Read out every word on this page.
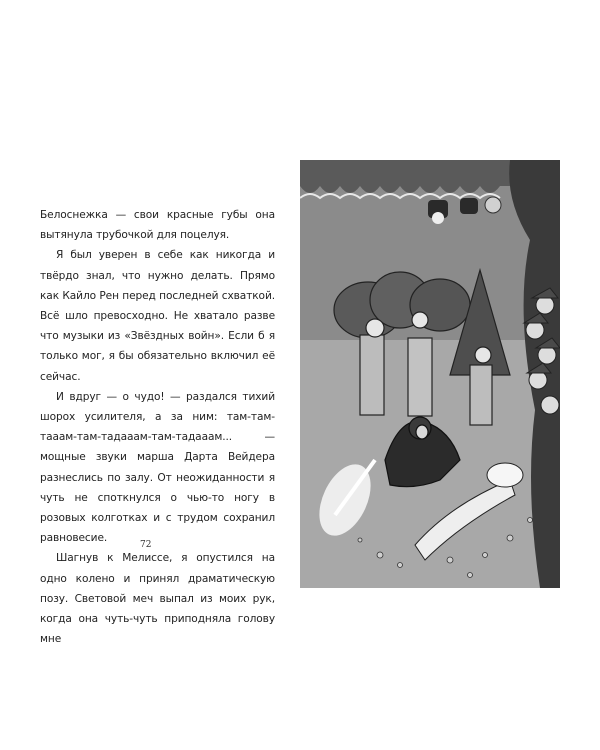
Белоснежка — свои красные губы она вытянула трубочкой для поцелуя.

Я был уверен в себе как никогда и твёрдо знал, что нужно делать. Прямо как Кайло Рен перед последней схваткой. Всё шло превосходно. Не хватало разве что музыки из «Звёздных войн». Если б я только мог, я бы обязательно включил её сейчас.

И вдруг — о чудо! — раздался тихий шорох усилителя, а за ним: там-там-тааам-там-тадааам-там-тадааам... — мощные звуки марша Дарта Вейдера разнеслись по залу. От неожиданности я чуть не споткнулся о чью-то ногу в розовых колготках и с трудом сохранил равновесие.

Шагнув к Мелиссе, я опустился на одно колено и принял драматическую позу. Световой меч выпал из моих рук, когда она чуть-чуть приподняла голову мне

72
